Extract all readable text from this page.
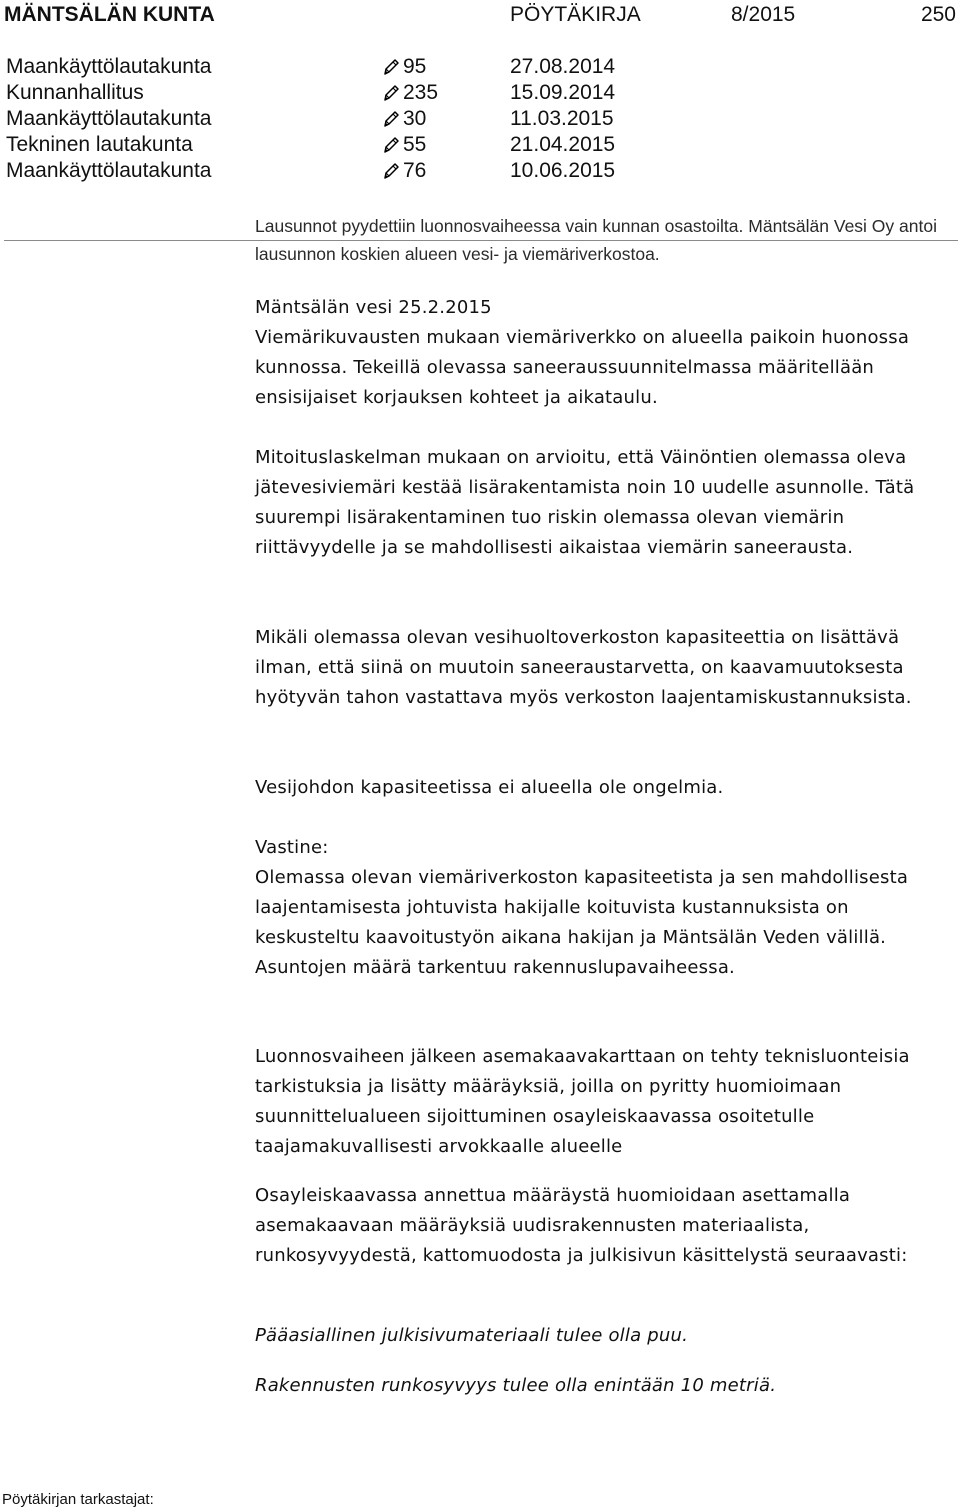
MÄNTSÄLÄN KUNTA	PÖYTÄKIRJA	8/2015	250
Maankäyttölautakunta	95	27.08.2014
Kunnanhallitus	235	15.09.2014
Maankäyttölautakunta	30	11.03.2015
Tekninen lautakunta	55	21.04.2015
Maankäyttölautakunta	76	10.06.2015

Lausunnot pyydettiin luonnosvaiheessa vain kunnan osastoilta. Mäntsälän Vesi Oy antoi lausunnon koskien alueen vesi- ja viemäriverkostoa.

Mäntsälän vesi 25.2.2015

Viemärikuvausten mukaan viemäriverkko on alueella paikoin huonossa kunnossa. Tekeillä olevassa saneeraussuunnitelmassa määritellään ensisijaiset korjauksen kohteet ja aikataulu.

Mitoituslaskelman mukaan on arvioitu, että Väinöntien olemassa oleva jätevesiviemäri kestää lisärakentamista noin 10 uudelle asunnolle. Tätä suurempi lisärakentaminen tuo riskin olemassa olevan viemärin riittävyydelle ja se mahdollisesti aikaistaa viemärin saneerausta.

Mikäli olemassa olevan vesihuoltoverkoston kapasiteettia on lisättävä ilman, että siinä on muutoin saneeraustarvetta, on kaavamuutoksesta hyötyvän tahon vastattava myös verkoston laajentamiskustannuksista.

Vesijohdon kapasiteetissa ei alueella ole ongelmia.

Vastine:

Olemassa olevan viemäriverkoston kapasiteetista ja sen mahdollisesta laajentamisesta johtuvista hakijalle koituvista kustannuksista on keskusteltu kaavoitustyön aikana hakijan ja Mäntsälän Veden välillä. Asuntojen määrä tarkentuu rakennuslupavaiheessa.

Luonnosvaiheen jälkeen asemakaavakarttaan on tehty teknisluonteisia tarkistuksia ja lisätty määräyksiä, joilla on pyritty huomioimaan suunnittelualueen sijoittuminen osayleiskaavassa osoitetulle taajamakuvallisesti arvokkaalle alueelle

Osayleiskaavassa annettua määräystä huomioidaan asettamalla asemakaavaan määräyksiä uudisrakennusten materiaalista, runkosyvyydestä, kattomuodosta ja julkisivun käsittelystä seuraavasti:

Pääasiallinen julkisivumateriaali tulee olla puu.

Rakennusten runkosyvyys tulee olla enintään 10 metriä.

Pöytäkirjan tarkastajat:
